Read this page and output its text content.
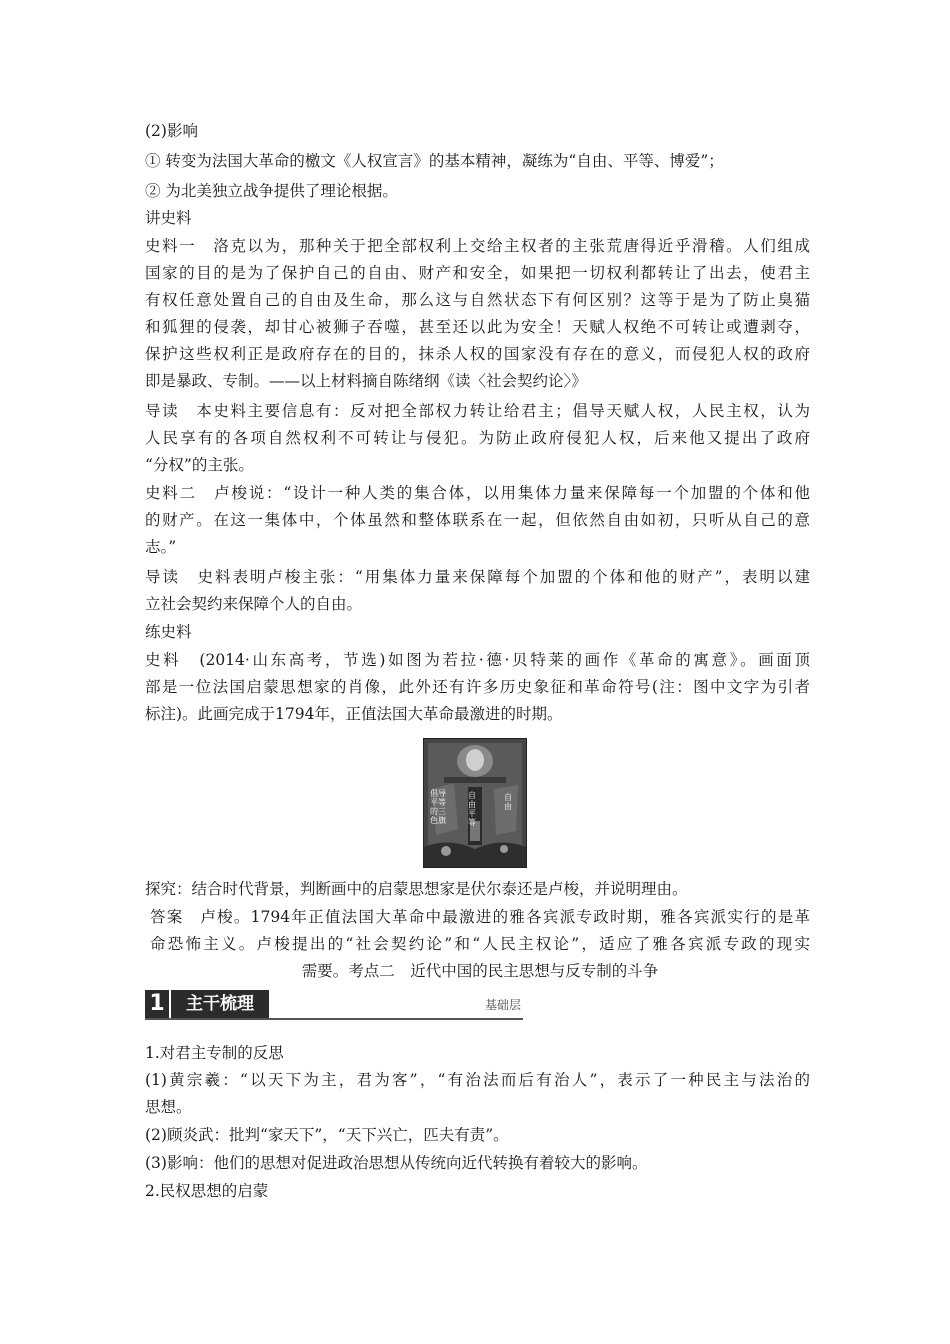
(2)影响
① 转变为法国大革命的檄文《人权宣言》的基本精神，凝练为“自由、平等、博爱”；
② 为北美独立战争提供了理论根据。
讲史料
史料一　洛克以为，那种关于把全部权利上交给主权者的主张荒唐得近乎滑稽。人们组成
国家的目的是为了保护自己的自由、财产和安全，如果把一切权利都转让了出去，使君主
有权任意处置自己的自由及生命，那么这与自然状态下有何区别？这等于是为了防止臭猫
和狐狸的侵袭，却甘心被狮子吞噬，甚至还以此为安全！天赋人权绝不可转让或遭剥夺，
保护这些权利正是政府存在的目的，抹杀人权的国家没有存在的意义，而侵犯人权的政府
即是暴政、专制。——以上材料摘自陈绪纲《读〈社会契约论〉》
导读　本史料主要信息有：反对把全部权力转让给君主；倡导天赋人权，人民主权，认为
人民享有的各项自然权利不可转让与侵犯。为防止政府侵犯人权，后来他又提出了政府
“分权”的主张。
史料二　卢梭说：“设计一种人类的集合体，以用集体力量来保障每一个加盟的个体和他
的财产。在这一集体中，个体虽然和整体联系在一起，但依然自由如初，只听从自己的意
志。”
导读　史料表明卢梭主张：“用集体力量来保障每个加盟的个体和他的财产”，表明以建
立社会契约来保障个人的自由。
练史料
史料　(2014·山东高考，节选)如图为若拉·德·贝特莱的画作《革命的寓意》。画面顶
部是一位法国启蒙思想家的肖像，此外还有许多历史象征和革命符号(注：图中文字为引者
标注)。此画完成于1794年，正值法国大革命最激进的时期。
倡导平等的三色旗
自由平等
自由
探究：结合时代背景，判断画中的启蒙思想家是伏尔泰还是卢梭，并说明理由。
答案　卢梭。1794年正值法国大革命中最激进的雅各宾派专政时期，雅各宾派实行的是革
命恐怖主义。卢梭提出的“社会契约论”和“人民主权论”，适应了雅各宾派专政的现实
需要。考点二　近代中国的民主思想与反专制的斗争
1	主干梳理	基础层
1.对君主专制的反思
(1)黄宗羲：“以天下为主，君为客”，“有治法而后有治人”，表示了一种民主与法治的
思想。
(2)顾炎武：批判“家天下”，“天下兴亡，匹夫有责”。
(3)影响：他们的思想对促进政治思想从传统向近代转换有着较大的影响。
2.民权思想的启蒙
